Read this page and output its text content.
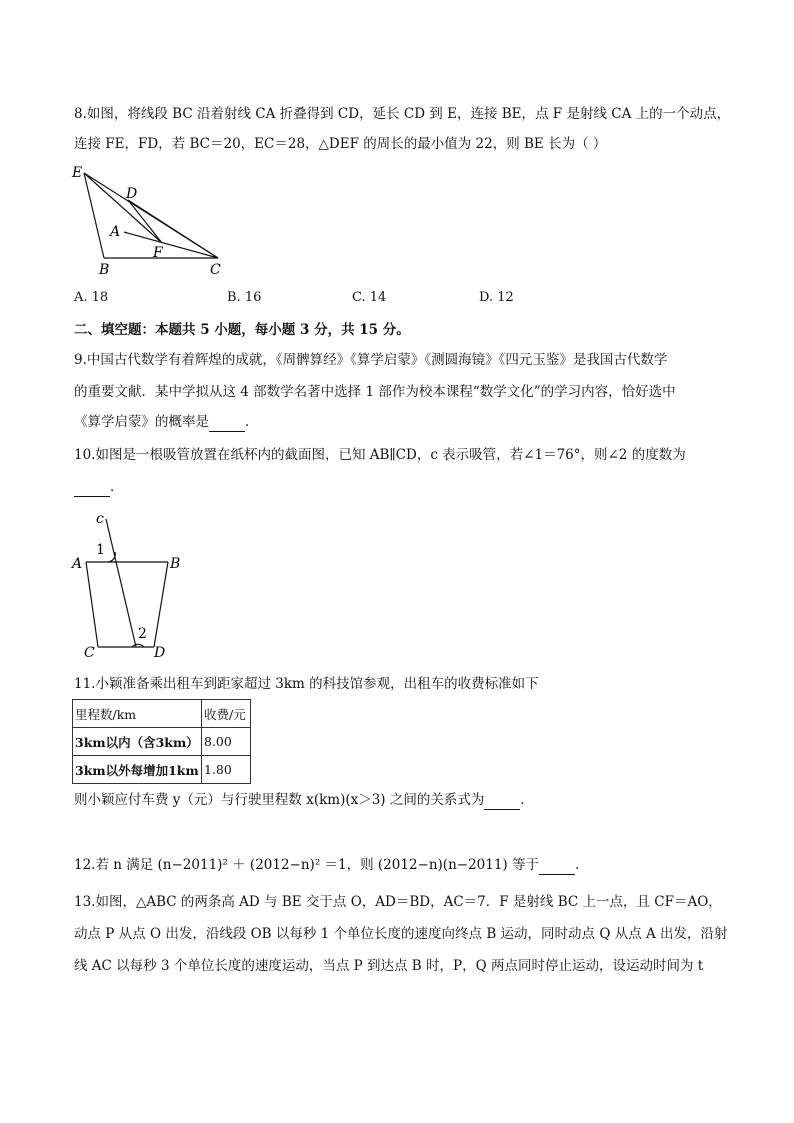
8.如图，将线段 BC 沿着射线 CA 折叠得到 CD，延长 CD 到 E，连接 BE，点 F 是射线 CA 上的一个动点，
连接 FE，FD，若 BC＝20，EC＝28，△DEF 的周长的最小值为 22，则 BE 长为（ ）
E
D
A
F
B	C
A. 18	B. 16	C. 14	D. 12
二、填空题：本题共 5 小题，每小题 3 分，共 15 分。
9.中国古代数学有着辉煌的成就，《周髀算经》《算学启蒙》《测圆海镜》《四元玉鉴》是我国古代数学
的重要文献．某中学拟从这 4 部数学名著中选择 1 部作为校本课程“数学文化”的学习内容，恰好选中
《算学启蒙》的概率是	．
10.如图是一根吸管放置在纸杯内的截面图，已知 AB∥CD，c 表示吸管，若∠1＝76°，则∠2 的度数为
．
c
1
A	B
2
C	D
11.小颖准备乘出租车到距家超过 3km 的科技馆参观，出租车的收费标准如下
里程数/km	收费/元
3km以内（含3km）	8.00
3km以外每增加1km	1.80
则小颖应付车费 y（元）与行驶里程数 x(km)(x＞3) 之间的关系式为	．
12.若 n 满足 (n−2011)² ＋ (2012−n)² ＝1，则 (2012−n)(n−2011) 等于	．
13.如图，△ABC 的两条高 AD 与 BE 交于点 O，AD＝BD，AC＝7．F 是射线 BC 上一点，且 CF＝AO，
动点 P 从点 O 出发，沿线段 OB 以每秒 1 个单位长度的速度向终点 B 运动，同时动点 Q 从点 A 出发，沿射
线 AC 以每秒 3 个单位长度的速度运动，当点 P 到达点 B 时，P，Q 两点同时停止运动，设运动时间为 t
